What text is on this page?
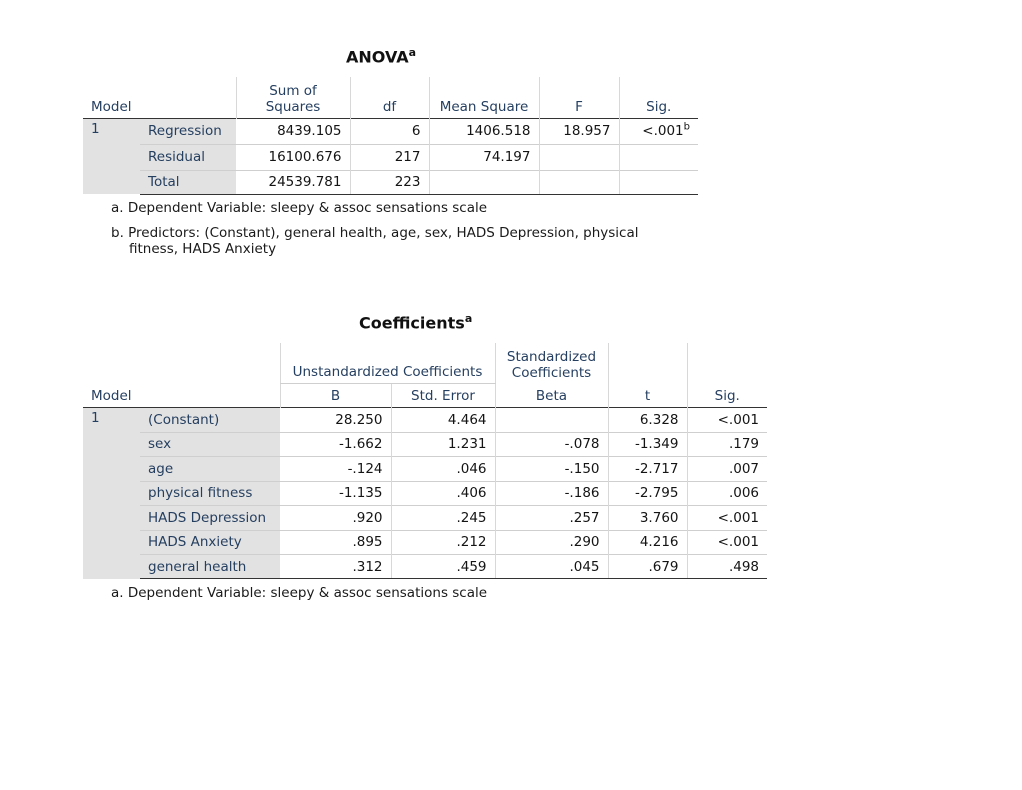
ANOVA$^a$
Model		Sum of
Squares	df	Mean Square	F	Sig.
1	Regression	8439.105	6	1406.518	18.957	<.001$^b$
	Residual	16100.676	217	74.197		
	Total	24539.781	223			
a. Dependent Variable: sleepy & assoc sensations scale
b. Predictors: (Constant), general health, age, sex, HADS Depression, physical
fitness, HADS Anxiety
Coefficients$^a$
		Unstandardized Coefficients		Standardized
Coefficients		
Model		B	Std. Error	Beta	t	Sig.
1	(Constant)	28.250	4.464		6.328	<.001
	sex	-1.662	1.231	-.078	-1.349	.179
	age	-.124	.046	-.150	-2.717	.007
	physical fitness	-1.135	.406	-.186	-2.795	.006
	HADS Depression	.920	.245	.257	3.760	<.001
	HADS Anxiety	.895	.212	.290	4.216	<.001
	general health	.312	.459	.045	.679	.498
a. Dependent Variable: sleepy & assoc sensations scale
